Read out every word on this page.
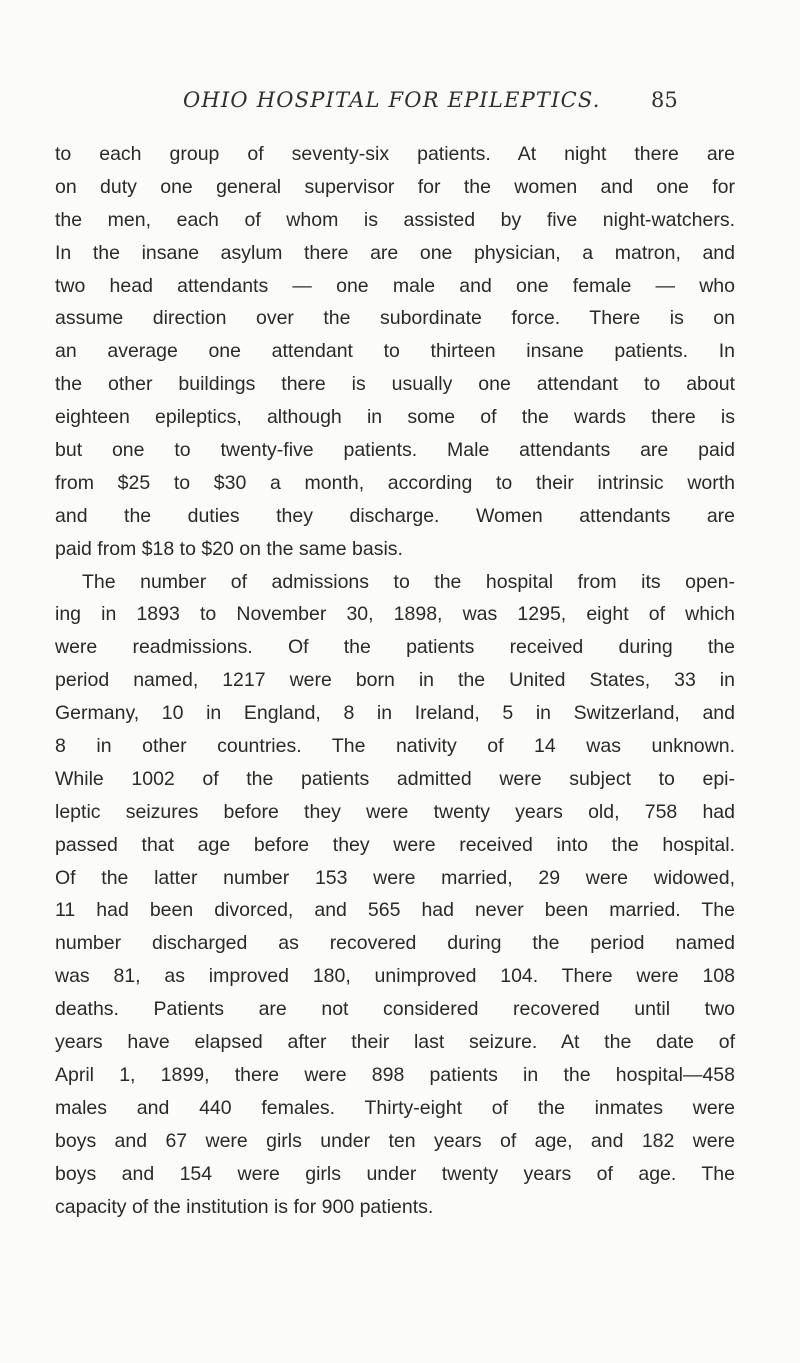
OHIO HOSPITAL FOR EPILEPTICS. 85
to each group of seventy-six patients. At night there are
on duty one general supervisor for the women and one for
the men, each of whom is assisted by five night-watchers.
In the insane asylum there are one physician, a matron, and
two head attendants — one male and one female — who
assume direction over the subordinate force. There is on
an average one attendant to thirteen insane patients. In
the other buildings there is usually one attendant to about
eighteen epileptics, although in some of the wards there is
but one to twenty-five patients. Male attendants are paid
from $25 to $30 a month, according to their intrinsic worth
and the duties they discharge. Women attendants are
paid from $18 to $20 on the same basis.
The number of admissions to the hospital from its open-
ing in 1893 to November 30, 1898, was 1295, eight of which
were readmissions. Of the patients received during the
period named, 1217 were born in the United States, 33 in
Germany, 10 in England, 8 in Ireland, 5 in Switzerland, and
8 in other countries. The nativity of 14 was unknown.
While 1002 of the patients admitted were subject to epi-
leptic seizures before they were twenty years old, 758 had
passed that age before they were received into the hospital.
Of the latter number 153 were married, 29 were widowed,
11 had been divorced, and 565 had never been married. The
number discharged as recovered during the period named
was 81, as improved 180, unimproved 104. There were 108
deaths. Patients are not considered recovered until two
years have elapsed after their last seizure. At the date of
April 1, 1899, there were 898 patients in the hospital—458
males and 440 females. Thirty-eight of the inmates were
boys and 67 were girls under ten years of age, and 182 were
boys and 154 were girls under twenty years of age. The
capacity of the institution is for 900 patients.
